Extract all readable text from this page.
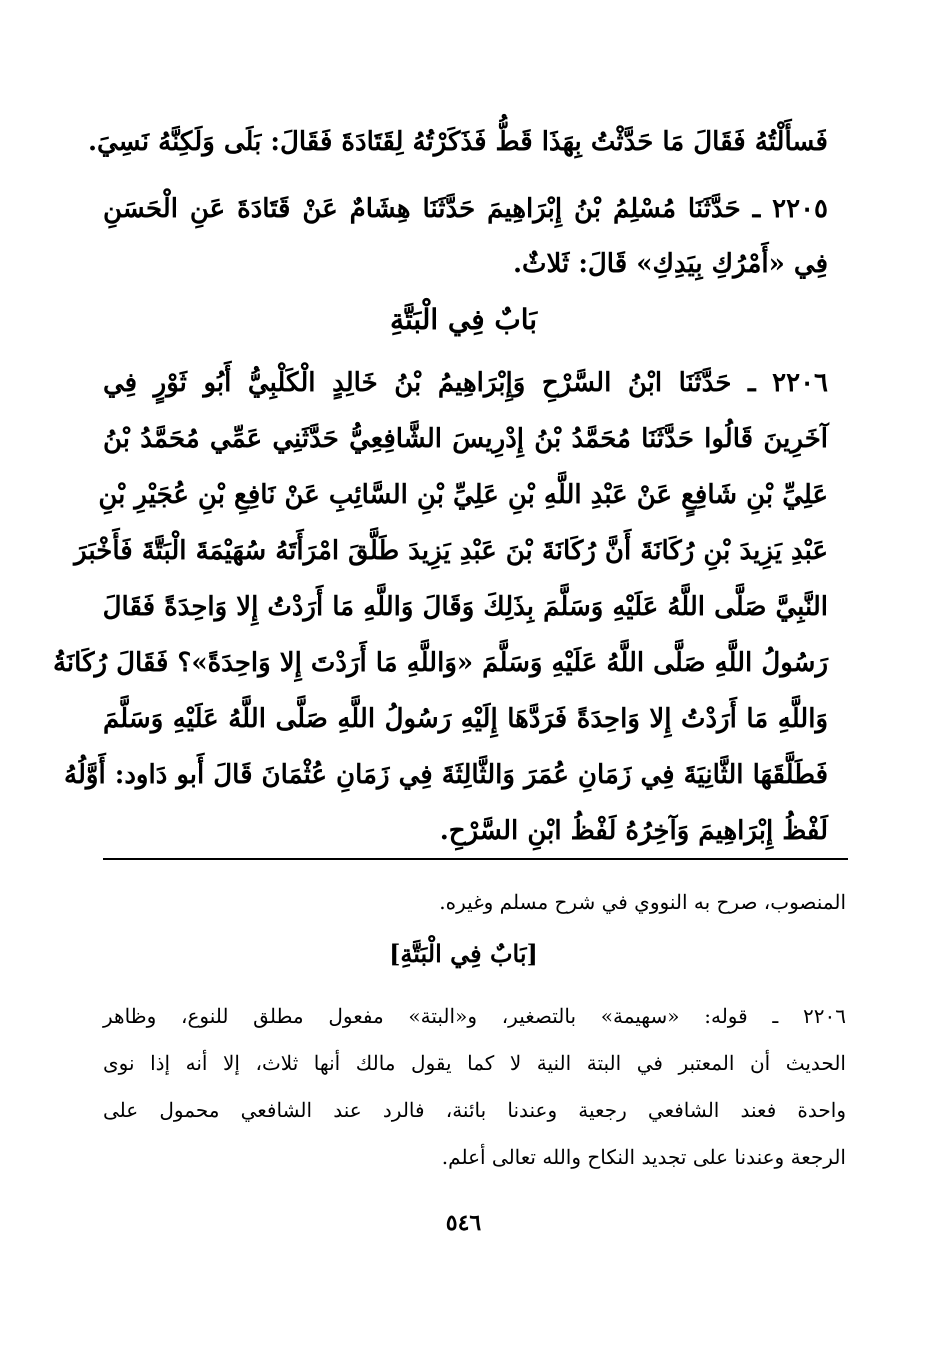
فَسأَلْتُهُ فَقَالَ مَا حَدَّثْتُ بِهَذَا قَطُّ فَذَكَرْتُهُ لِقَتَادَةَ فَقَالَ: بَلَى وَلَكِنَّهُ نَسِيَ.
٢٢٠٥ ـ حَدَّثَنَا مُسْلِمُ بْنُ إِبْرَاهِيمَ حَدَّثَنَا هِشَامٌ عَنْ قَتَادَةَ عَنِ الْحَسَنِ
فِي «أَمْرُكِ بِيَدِكِ» قَالَ: ثَلاثٌ.
بَابٌ فِي الْبَتَّةِ
٢٢٠٦ ـ حَدَّثَنَا ابْنُ السَّرْحِ وَإِبْرَاهِيمُ بْنُ خَالِدٍ الْكَلْبِيُّ أَبُو ثَوْرٍ فِي
آخَرِينَ قَالُوا حَدَّثَنَا مُحَمَّدُ بْنُ إِدْرِيسَ الشَّافِعِيُّ حَدَّثَنِي عَمِّي مُحَمَّدُ بْنُ
عَلِيِّ بْنِ شَافِعٍ عَنْ عَبْدِ اللَّهِ بْنِ عَلِيِّ بْنِ السَّائِبِ عَنْ نَافِعِ بْنِ عُجَيْرِ بْنِ
عَبْدِ يَزِيدَ بْنِ رُكَانَةَ أَنَّ رُكَانَةَ بْنَ عَبْدِ يَزِيدَ طَلَّقَ امْرَأَتَهُ سُهَيْمَةَ الْبَتَّةَ فَأَخْبَرَ
النَّبِيَّ صَلَّى اللَّهُ عَلَيْهِ وَسَلَّمَ بِذَلِكَ وَقَالَ وَاللَّهِ مَا أَرَدْتُ إِلا وَاحِدَةً فَقَالَ
رَسُولُ اللَّهِ صَلَّى اللَّهُ عَلَيْهِ وَسَلَّمَ «وَاللَّهِ مَا أَرَدْتَ إِلا وَاحِدَةً»؟ فَقَالَ رُكَانَةُ
وَاللَّهِ مَا أَرَدْتُ إِلا وَاحِدَةً فَرَدَّهَا إِلَيْهِ رَسُولُ اللَّهِ صَلَّى اللَّهُ عَلَيْهِ وَسَلَّمَ
فَطَلَّقَهَا الثَّانِيَةَ فِي زَمَانِ عُمَرَ وَالثَّالِثَةَ فِي زَمَانِ عُثْمَانَ قَالَ أَبو دَاود: أَوَّلُهُ
لَفْظُ إِبْرَاهِيمَ وَآخِرُهُ لَفْظُ ابْنِ السَّرْحِ.
المنصوب، صرح به النووي في شرح مسلم وغيره.
[بَابٌ فِي الْبَتَّةِ]
٢٢٠٦ ـ قوله: «سهيمة» بالتصغير، و«البتة» مفعول مطلق للنوع، وظاهر
الحديث أن المعتبر في البتة النية لا كما يقول مالك أنها ثلاث، إلا أنه إذا نوى
واحدة فعند الشافعي رجعية وعندنا بائنة، فالرد عند الشافعي محمول على
الرجعة وعندنا على تجديد النكاح والله تعالى أعلم.
٥٤٦
